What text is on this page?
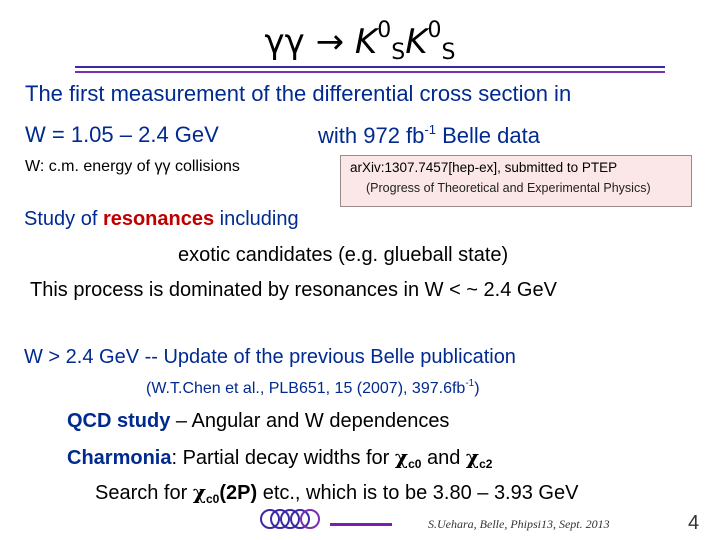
$\gamma\gamma \to K^0_SK^0_S$
The first measurement of the differential cross section in
W = 1.05 – 2.4 GeV	with 972 $fb^{-1}$ Belle data
W: c.m. energy of γγ collisions	arXiv:1307.7457[hep-ex], submitted to PTEP
(Progress of Theoretical and Experimental Physics)
Study of resonances including
exotic candidates (e.g. glueball state)
This process is dominated by resonances in W < ~ 2.4 GeV
W > 2.4 GeV -- Update of the previous Belle publication
(W.T.Chen et al., PLB651, 15 (2007), $397.6fb^{-1}$)
QCD study – Angular and W dependences
Charmonia: Partial decay widths for $\chi_{c0}$ and $\chi_{c2}$
Search for $\chi_{c0}(2P)$ etc., which is to be 3.80 – 3.93 GeV
S.Uehara, Belle, Phipsi13, Sept. 2013	4
